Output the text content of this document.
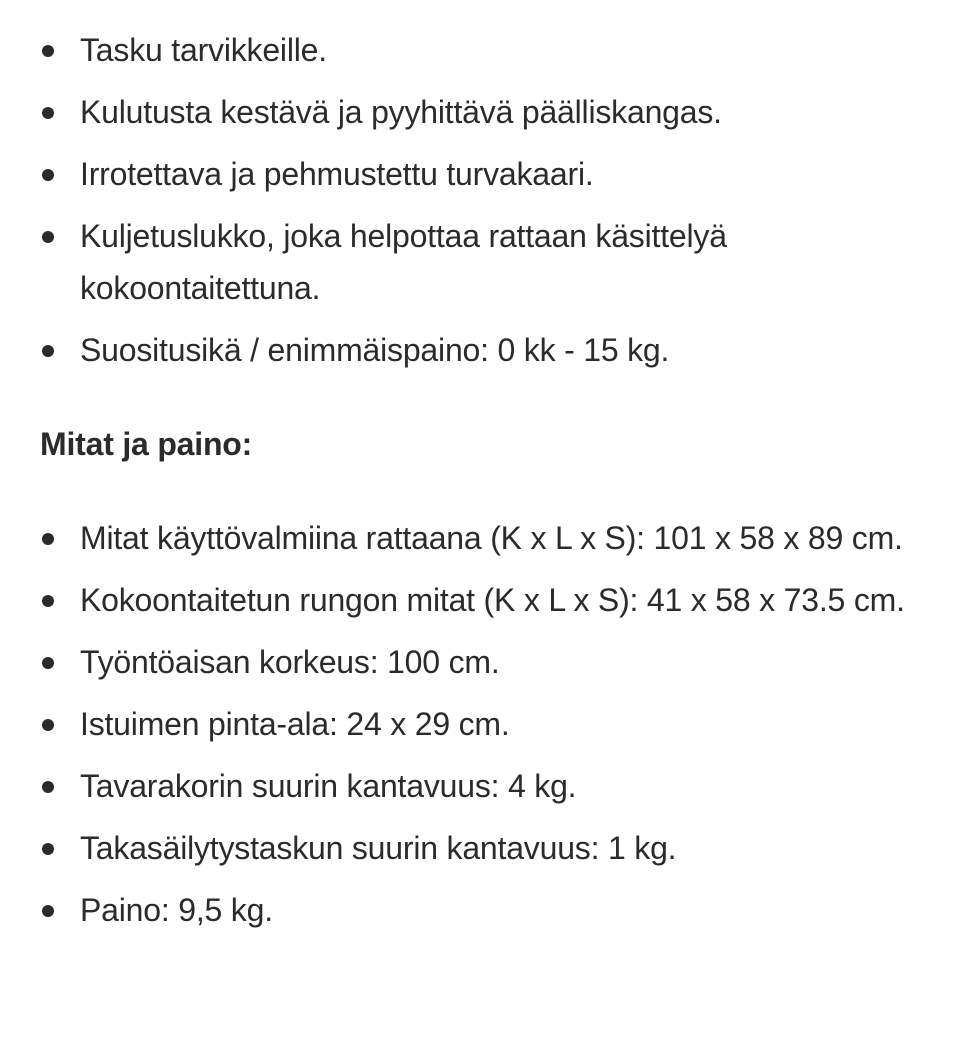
Tasku tarvikkeille.
Kulutusta kestävä ja pyyhittävä päälliskangas.
Irrotettava ja pehmustettu turvakaari.
Kuljetuslukko, joka helpottaa rattaan käsittelyä kokoontaitettuna.
Suositusikä / enimmäispaino: 0 kk - 15 kg.
Mitat ja paino:
Mitat käyttövalmiina rattaana (K x L x S): 101 x 58 x 89 cm.
Kokoontaitetun rungon mitat (K x L x S): 41 x 58 x 73.5 cm.
Työntöaisan korkeus: 100 cm.
Istuimen pinta-ala: 24 x 29 cm.
Tavarakorin suurin kantavuus: 4 kg.
Takasäilytystaskun suurin kantavuus: 1 kg.
Paino: 9,5 kg.
